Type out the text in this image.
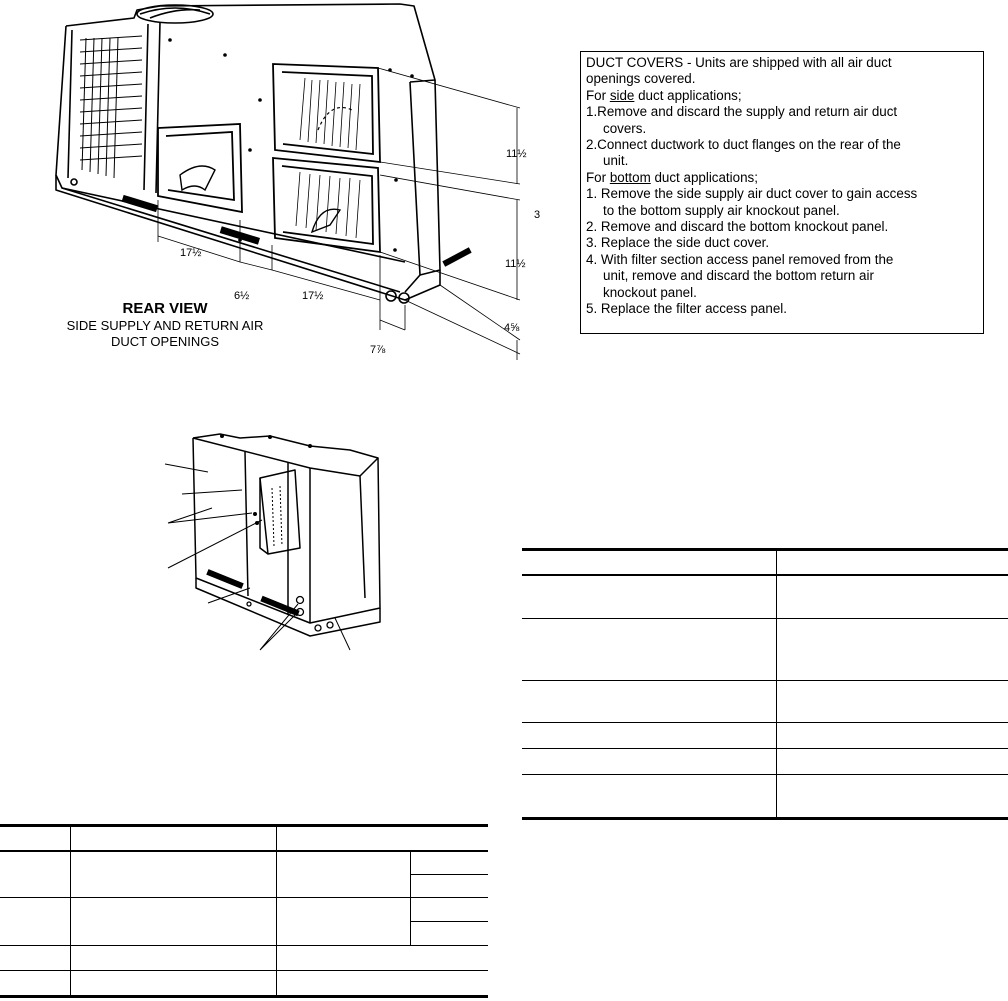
11½
3
11½
4⅝
17½
6½	17½
7⅞
REAR VIEW
SIDE SUPPLY AND RETURN AIR
DUCT OPENINGS
DUCT COVERS - Units are shipped with all air duct
openings covered.
For side duct applications;
1.Remove and discard the supply and return air duct
covers.
2.Connect ductwork to duct flanges on the rear of the
unit.
For bottom duct applications;
1. Remove the side supply air duct cover to gain access
to the bottom supply air knockout panel.
2. Remove and discard the bottom knockout panel.
3. Replace the side duct cover.
4. With filter section access panel removed from the
unit, remove and discard the bottom return air
knockout panel.
5. Replace the filter access panel.
